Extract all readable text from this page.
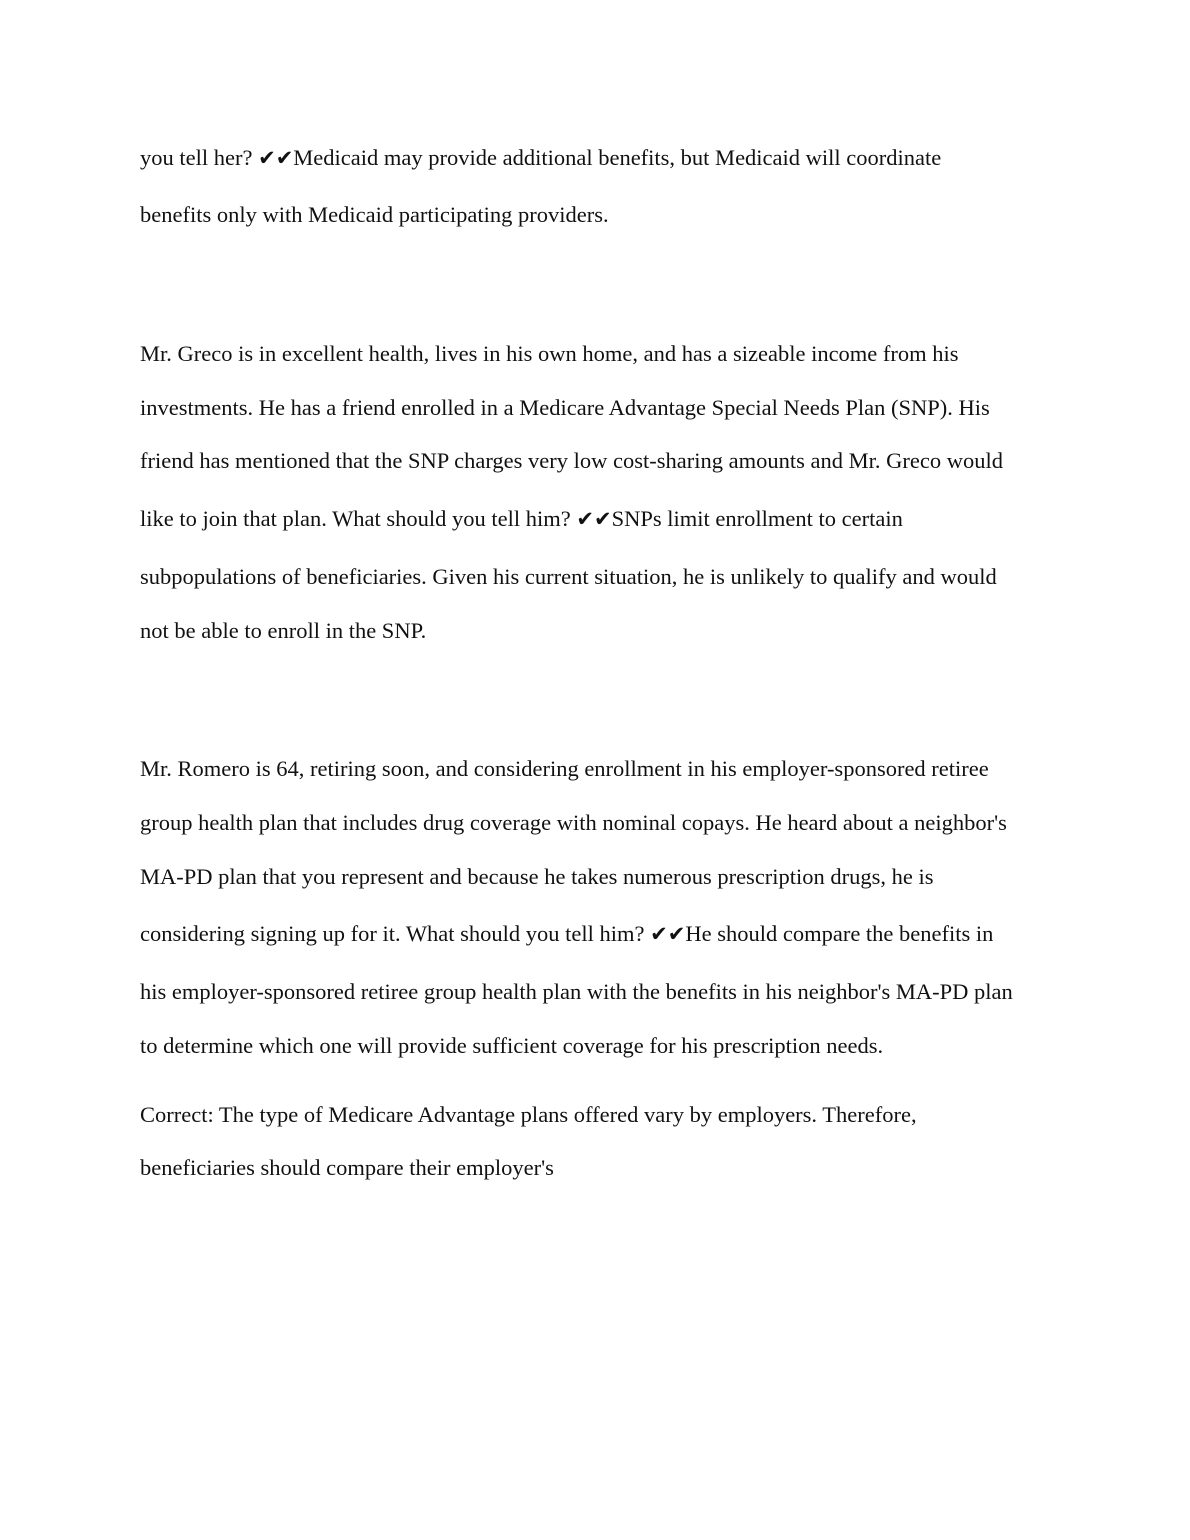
you tell her? ✔✔Medicaid may provide additional benefits, but Medicaid will coordinate
benefits only with Medicaid participating providers.
Mr. Greco is in excellent health, lives in his own home, and has a sizeable income from his
investments. He has a friend enrolled in a Medicare Advantage Special Needs Plan (SNP). His
friend has mentioned that the SNP charges very low cost-sharing amounts and Mr. Greco would
like to join that plan. What should you tell him? ✔✔SNPs limit enrollment to certain
subpopulations of beneficiaries. Given his current situation, he is unlikely to qualify and would
not be able to enroll in the SNP.
Mr. Romero is 64, retiring soon, and considering enrollment in his employer-sponsored retiree
group health plan that includes drug coverage with nominal copays. He heard about a neighbor's
MA-PD plan that you represent and because he takes numerous prescription drugs, he is
considering signing up for it. What should you tell him? ✔✔He should compare the benefits in
his employer-sponsored retiree group health plan with the benefits in his neighbor's MA-PD plan
to determine which one will provide sufficient coverage for his prescription needs.
Correct: The type of Medicare Advantage plans offered vary by employers. Therefore,
beneficiaries should compare their employer's
